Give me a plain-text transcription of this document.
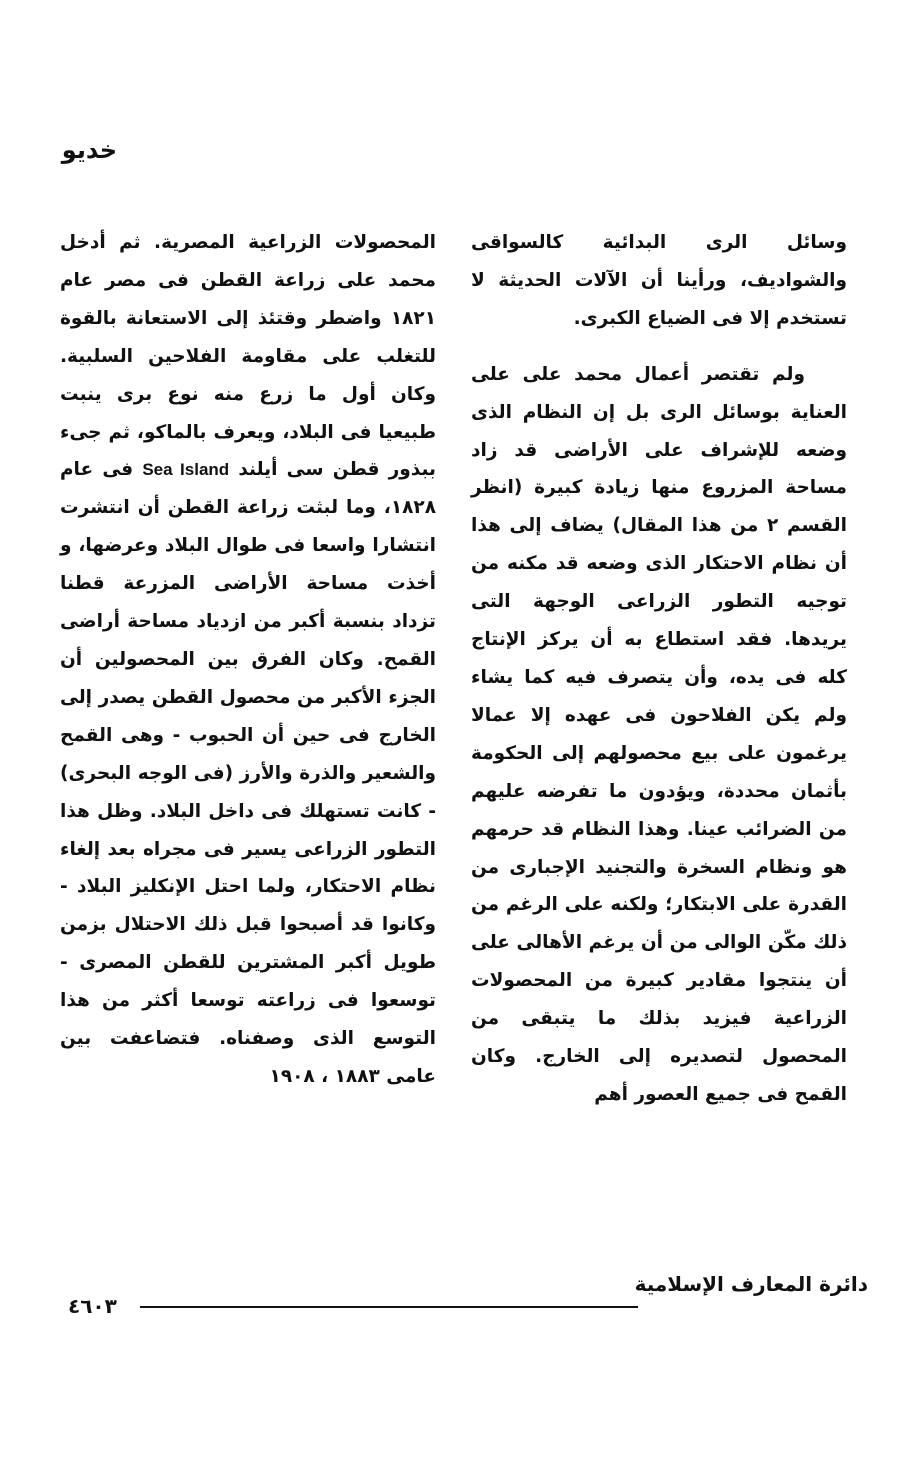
خديو

وسائل الرى البدائية كالسواقى والشواديف، ورأينا أن الآلات الحديثة لا تستخدم إلا فى الضياع الكبرى.

ولم تقتصر أعمال محمد على على العناية بوسائل الرى بل إن النظام الذى وضعه للإشراف على الأراضى قد زاد مساحة المزروع منها زيادة كبيرة (انظر القسم ٢ من هذا المقال) يضاف إلى هذا أن نظام الاحتكار الذى وضعه قد مكنه من توجيه التطور الزراعى الوجهة التى يريدها. فقد استطاع به أن يركز الإنتاج كله فى يده، وأن يتصرف فيه كما يشاء ولم يكن الفلاحون فى عهده إلا عمالا يرغمون على بيع محصولهم إلى الحكومة بأثمان محددة، ويؤدون ما تفرضه عليهم من الضرائب عينا. وهذا النظام قد حرمهم هو ونظام السخرة والتجنيد الإجبارى من القدرة على الابتكار؛ ولكنه على الرغم من ذلك مكّن الوالى من أن يرغم الأهالى على أن ينتجوا مقادير كبيرة من المحصولات الزراعية فيزيد بذلك ما يتبقى من المحصول لتصديره إلى الخارج. وكان القمح فى جميع العصور أهم

المحصولات الزراعية المصرية. ثم أدخل محمد على زراعة القطن فى مصر عام ١٨٢١ واضطر وقتئذ إلى الاستعانة بالقوة للتغلب على مقاومة الفلاحين السلبية. وكان أول ما زرع منه نوع برى ينبت طبيعيا فى البلاد، ويعرف بالماكو، ثم جىء ببذور قطن سى أيلند Sea Island فى عام ١٨٢٨، وما لبثت زراعة القطن أن انتشرت انتشارا واسعا فى طوال البلاد وعرضها، و أخذت مساحة الأراضى المزرعة قطنا تزداد بنسبة أكبر من ازدياد مساحة أراضى القمح. وكان الفرق بين المحصولين أن الجزء الأكبر من محصول القطن يصدر إلى الخارج فى حين أن الحبوب - وهى القمح والشعير والذرة والأرز (فى الوجه البحرى) - كانت تستهلك فى داخل البلاد. وظل هذا التطور الزراعى يسير فى مجراه بعد إلغاء نظام الاحتكار، ولما احتل الإنكليز البلاد - وكانوا قد أصبحوا قبل ذلك الاحتلال بزمن طويل أكبر المشترين للقطن المصرى - توسعوا فى زراعته توسعا أكثر من هذا التوسع الذى وصفناه. فتضاعفت بين عامى ١٨٨٣ ، ١٩٠٨

دائرة المعارف الإسلامية
٤٦٠٣
